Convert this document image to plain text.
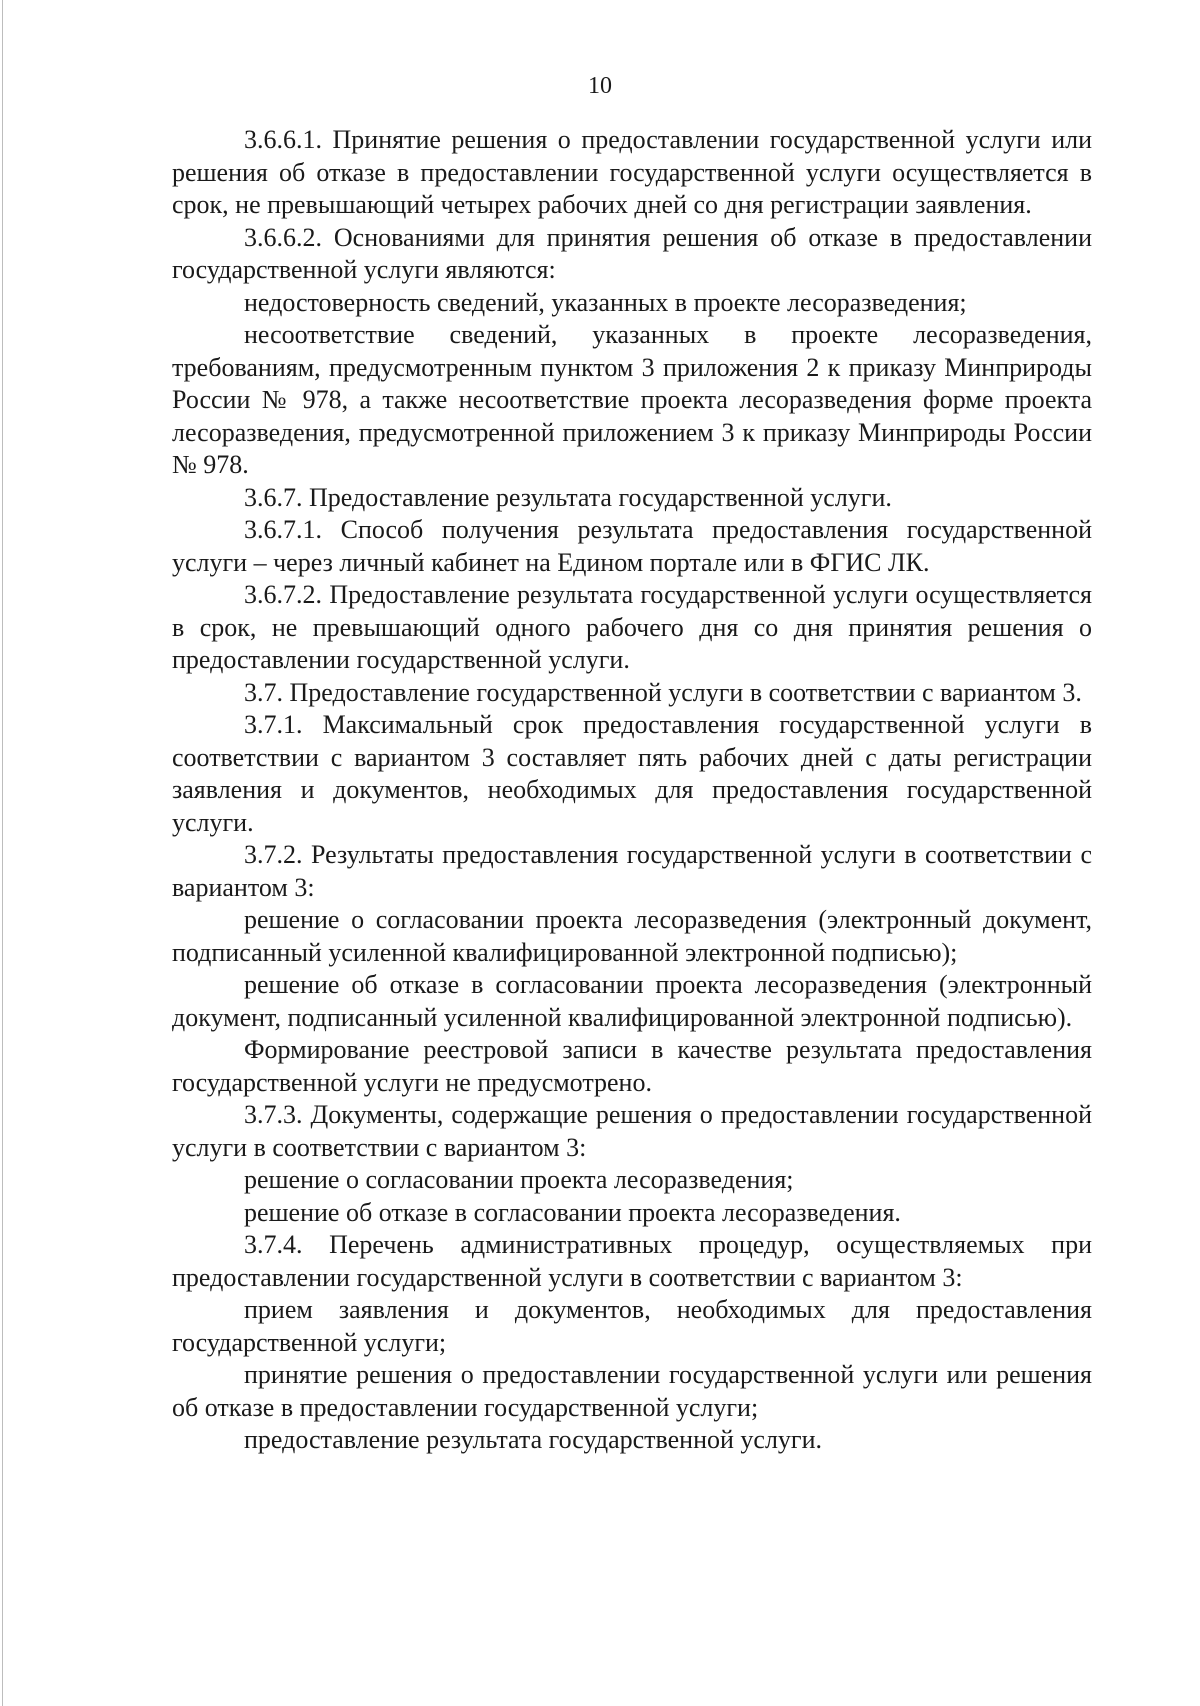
10

3.6.6.1. Принятие решения о предоставлении государственной услуги или решения об отказе в предоставлении государственной услуги осуществляется в срок, не превышающий четырех рабочих дней со дня регистрации заявления.

3.6.6.2. Основаниями для принятия решения об отказе в предоставлении государственной услуги являются:

недостоверность сведений, указанных в проекте лесоразведения;

несоответствие сведений, указанных в проекте лесоразведения, требованиям, предусмотренным пунктом 3 приложения 2 к приказу Минприроды России № 978, а также несоответствие проекта лесоразведения форме проекта лесоразведения, предусмотренной приложением 3 к приказу Минприроды России № 978.

3.6.7. Предоставление результата государственной услуги.

3.6.7.1. Способ получения результата предоставления государственной услуги – через личный кабинет на Едином портале или в ФГИС ЛК.

3.6.7.2. Предоставление результата государственной услуги осуществляется в срок, не превышающий одного рабочего дня со дня принятия решения о предоставлении государственной услуги.

3.7. Предоставление государственной услуги в соответствии с вариантом 3.

3.7.1. Максимальный срок предоставления государственной услуги в соответствии с вариантом 3 составляет пять рабочих дней с даты регистрации заявления и документов, необходимых для предоставления государственной услуги.

3.7.2. Результаты предоставления государственной услуги в соответствии с вариантом 3:

решение о согласовании проекта лесоразведения (электронный документ, подписанный усиленной квалифицированной электронной подписью);

решение об отказе в согласовании проекта лесоразведения (электронный документ, подписанный усиленной квалифицированной электронной подписью).

Формирование реестровой записи в качестве результата предоставления государственной услуги не предусмотрено.

3.7.3. Документы, содержащие решения о предоставлении государственной услуги в соответствии с вариантом 3:

решение о согласовании проекта лесоразведения;

решение об отказе в согласовании проекта лесоразведения.

3.7.4. Перечень административных процедур, осуществляемых при предоставлении государственной услуги в соответствии с вариантом 3:

прием заявления и документов, необходимых для предоставления государственной услуги;

принятие решения о предоставлении государственной услуги или решения об отказе в предоставлении государственной услуги;

предоставление результата государственной услуги.
